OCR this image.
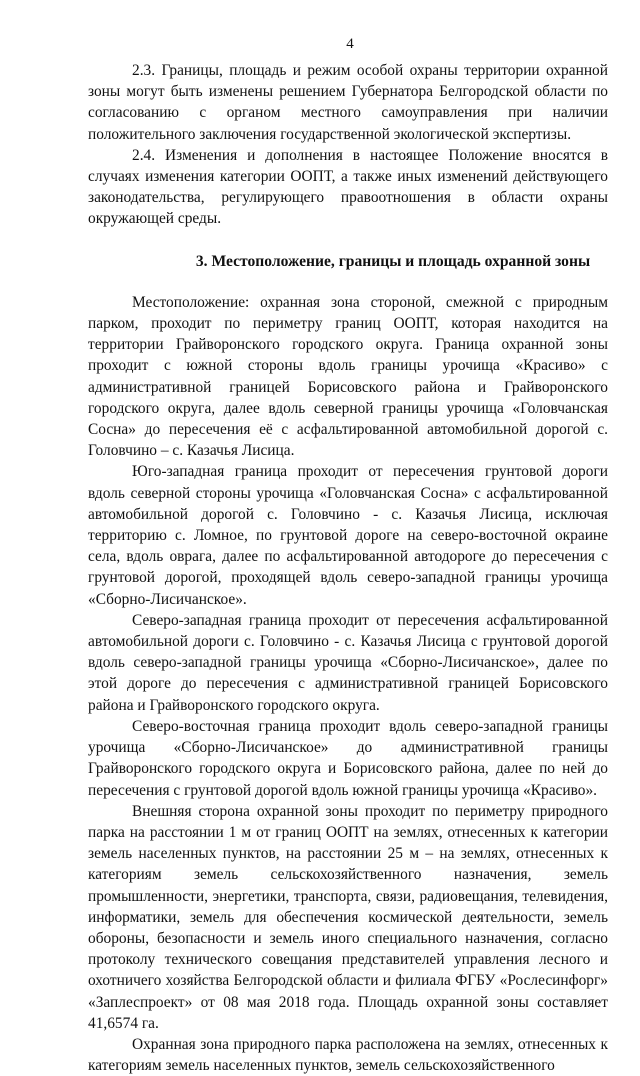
4

2.3. Границы, площадь и режим особой охраны территории охранной зоны могут быть изменены решением Губернатора Белгородской области по согласованию с органом местного самоуправления при наличии положительного заключения государственной экологической экспертизы.

2.4. Изменения и дополнения в настоящее Положение вносятся в случаях изменения категории ООПТ, а также иных изменений действующего законодательства, регулирующего правоотношения в области охраны окружающей среды.

3. Местоположение, границы и площадь охранной зоны

Местоположение: охранная зона стороной, смежной с природным парком, проходит по периметру границ ООПТ, которая находится на территории Грайворонского городского округа. Граница охранной зоны проходит с южной стороны вдоль границы урочища «Красиво» с административной границей Борисовского района и Грайворонского городского округа, далее вдоль северной границы урочища «Головчанская Сосна» до пересечения её с асфальтированной автомобильной дорогой с. Головчино – с. Казачья Лисица.

Юго-западная граница проходит от пересечения грунтовой дороги вдоль северной стороны урочища «Головчанская Сосна» с асфальтированной автомобильной дорогой с. Головчино - с. Казачья Лисица, исключая территорию с. Ломное, по грунтовой дороге на северо-восточной окраине села, вдоль оврага, далее по асфальтированной автодороге до пересечения с грунтовой дорогой, проходящей вдоль северо-западной границы урочища «Сборно-Лисичанское».

Северо-западная граница проходит от пересечения асфальтированной автомобильной дороги с. Головчино - с. Казачья Лисица с грунтовой дорогой вдоль северо-западной границы урочища «Сборно-Лисичанское», далее по этой дороге до пересечения с административной границей Борисовского района и Грайворонского городского округа.

Северо-восточная граница проходит вдоль северо-западной границы урочища «Сборно-Лисичанское» до административной границы Грайворонского городского округа и Борисовского района, далее по ней до пересечения с грунтовой дорогой вдоль южной границы урочища «Красиво».

Внешняя сторона охранной зоны проходит по периметру природного парка на расстоянии 1 м от границ ООПТ на землях, отнесенных к категории земель населенных пунктов, на расстоянии 25 м – на землях, отнесенных к категориям земель сельскохозяйственного назначения, земель промышленности, энергетики, транспорта, связи, радиовещания, телевидения, информатики, земель для обеспечения космической деятельности, земель обороны, безопасности и земель иного специального назначения, согласно протоколу технического совещания представителей управления лесного и охотничего хозяйства Белгородской области и филиала ФГБУ «Рослесинфорг» «Заплеспроект» от 08 мая 2018 года. Площадь охранной зоны составляет 41,6574 га.

Охранная зона природного парка расположена на землях, отнесенных к категориям земель населенных пунктов, земель сельскохозяйственного
